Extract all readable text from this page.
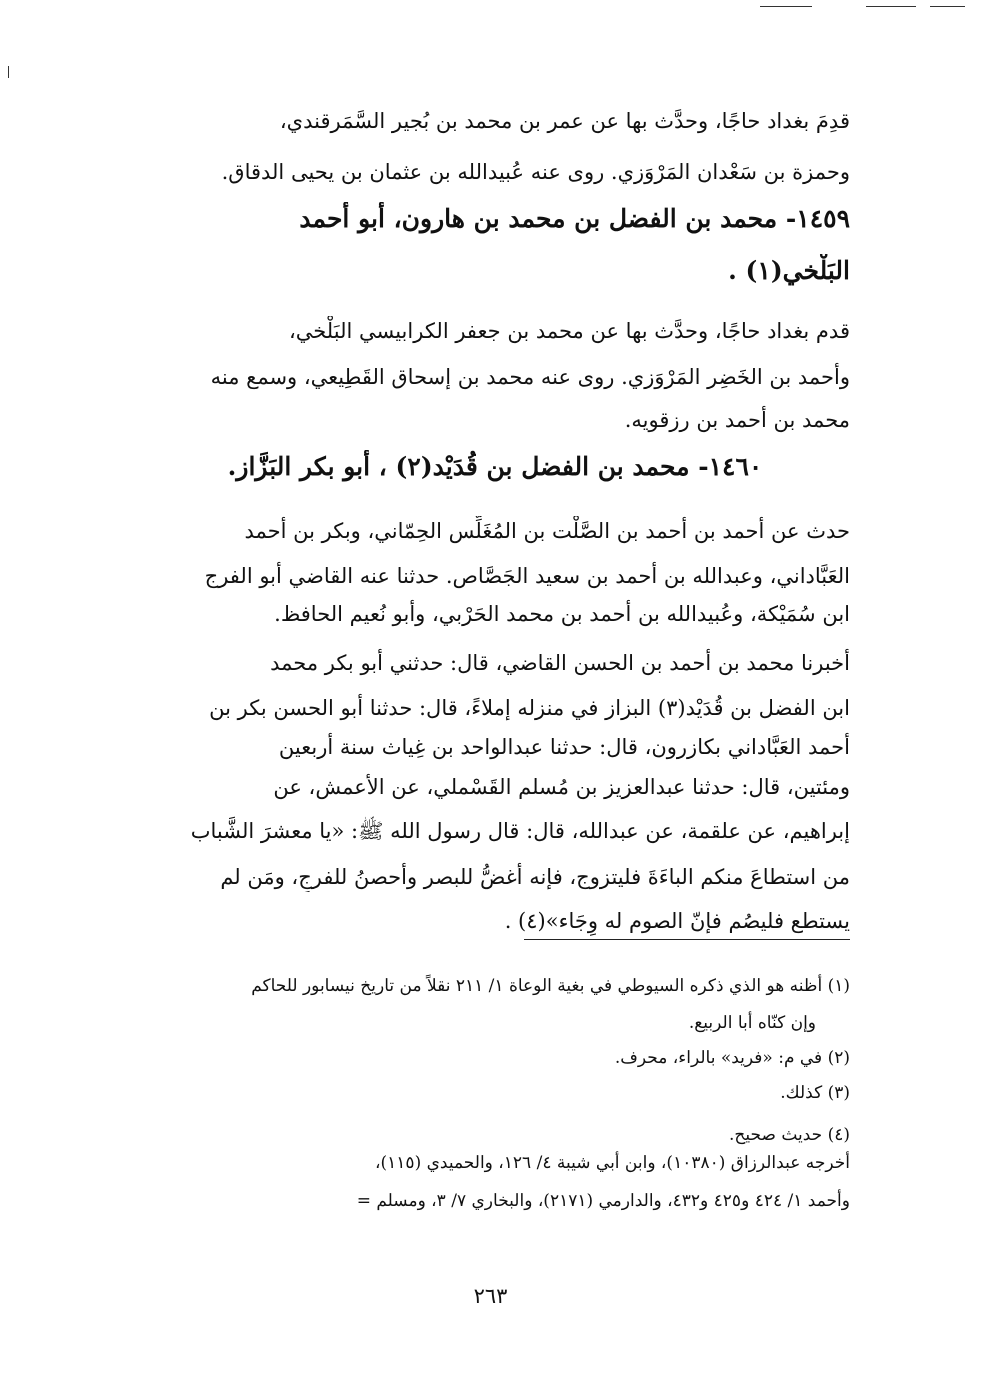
قدِمَ بغداد حاجًا، وحدَّث بها عن عمر بن محمد بن بُجير السَّمَرقندي،
وحمزة بن سَعْدان المَرْوَزي. روى عنه عُبيدالله بن عثمان بن يحيى الدقاق.
١٤٥٩- محمد بن الفضل بن محمد بن هارون، أبو أحمد
البَلْخي(١) .
قدم بغداد حاجًا، وحدَّث بها عن محمد بن جعفر الكرابيسي البَلْخي،
وأحمد بن الخَضِر المَرْوَزي. روى عنه محمد بن إسحاق القَطِيعي، وسمع منه
محمد بن أحمد بن رزقويه.
١٤٦٠- محمد بن الفضل بن قُدَيْد(٢) ، أبو بكر البَزَّاز.
حدث عن أحمد بن أحمد بن الصَّلْت بن المُغَلِّس الحِمّاني، وبكر بن أحمد
العَبَّاداني، وعبدالله بن أحمد بن سعيد الجَصَّاص. حدثنا عنه القاضي أبو الفرج
ابن سُمَيْكة، وعُبيدالله بن أحمد بن محمد الحَرْبي، وأبو نُعيم الحافظ.
أخبرنا محمد بن أحمد بن الحسن القاضي، قال: حدثني أبو بكر محمد
ابن الفضل بن قُدَيْد(٣) البزاز في منزله إملاءً، قال: حدثنا أبو الحسن بكر بن
أحمد العَبَّاداني بكازرون، قال: حدثنا عبدالواحد بن غِياث سنة أربعين
ومئتين، قال: حدثنا عبدالعزيز بن مُسلم القَسْملي، عن الأعمش، عن
إبراهيم، عن علقمة، عن عبدالله، قال: قال رسول الله ﷺ: «يا معشرَ الشَّباب
من استطاعَ منكم الباءَةَ فليتزوج، فإنه أغضُّ للبصر وأحصنُ للفرجِ، ومَن لم
يستطع فليصُم فإنّ الصوم له وِجَاء»(٤) .
(١) أظنه هو الذي ذكره السيوطي في بغية الوعاة ١/ ٢١١ نقلاً من تاريخ نيسابور للحاكم
وإن كنّاه أبا الربيع.
(٢) في م: «فريد» بالراء، محرف.
(٣) كذلك.
(٤) حديث صحيح.
أخرجه عبدالرزاق (١٠٣٨٠)، وابن أبي شيبة ٤/ ١٢٦، والحميدي (١١٥)،
وأحمد ١/ ٤٢٤ و٤٢٥ و٤٣٢، والدارمي (٢١٧١)، والبخاري ٧/ ٣، ومسلم =
٢٦٣
